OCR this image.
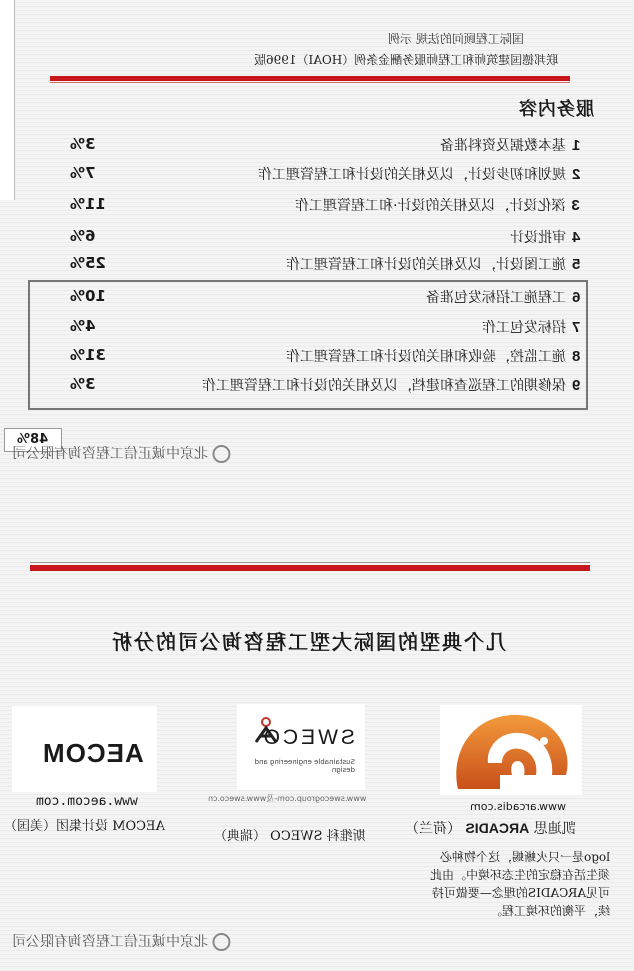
国际工程顾问的法规 示例
联邦德国建筑师和工程师服务酬金条例（HOAI）1996版
服务内容
1基本数据及资料准备
3%
2规划和初步设计，以及相关的设计和工程管理工作
7%
3深化设计，以及相关的设计·和工程管理工作
11%
4审批设计
6%
5施工图设计，以及相关的设计和工程管理工作
25%
6工程施工招标发包准备
10%
7招标发包工作
4%
8施工监控，验收和相关的设计和工程管理工作
31%
9保修期的工程巡查和建档，以及相关的设计和工程管理工作
3%
48%
北京中诚正信工程咨询有限公司
几个典型的国际大型工程咨询公司的分析
AECOM
SWECO
Sustainable engineering and design
www.aecom.com
AECOM 设计集团（美国）
www.swecogroup.com-及www.sweco.cn
斯维科 SWECO （瑞典）
www.arcadis.com
凯迪思 ARCADIS （荷兰）
logo是一只火蜥蜴，这个物种必须生活在稳定的生态环境中。由此可见ARCADIS的理念—要做可持续，平衡的环境工程。
北京中诚正信工程咨询有限公司
